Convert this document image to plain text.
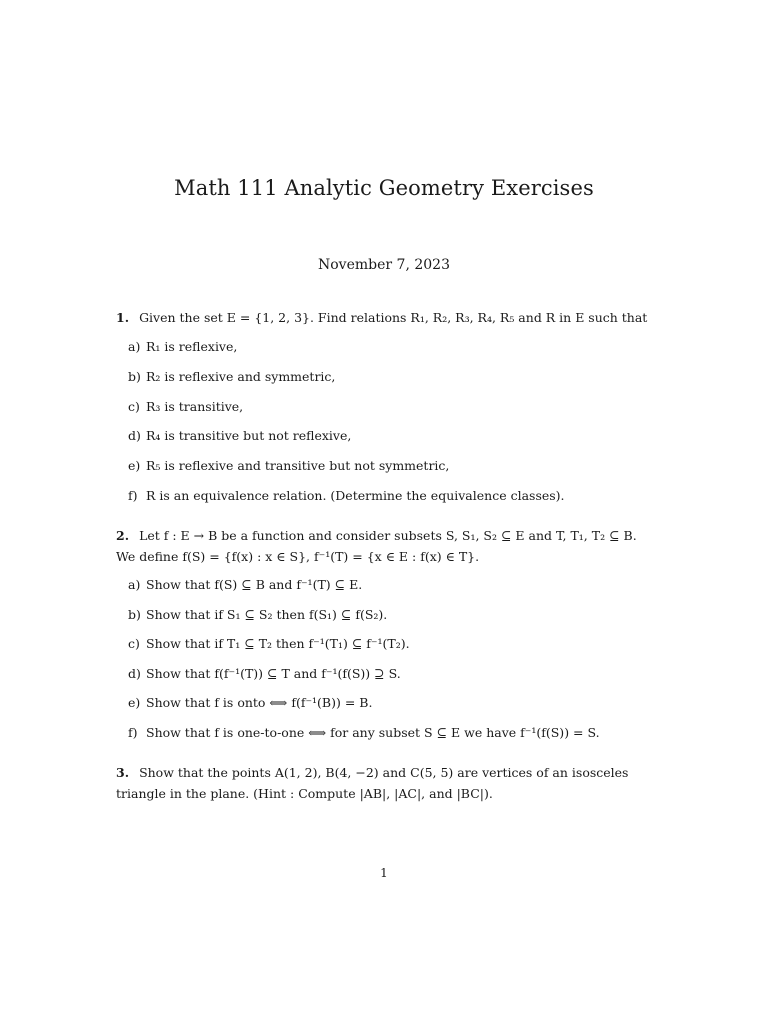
Math 111 Analytic Geometry Exercises
November 7, 2023
1. Given the set E = {1, 2, 3}. Find relations R₁, R₂, R₃, R₄, R₅ and R in E such that
a) R₁ is reflexive,
b) R₂ is reflexive and symmetric,
c) R₃ is transitive,
d) R₄ is transitive but not reflexive,
e) R₅ is reflexive and transitive but not symmetric,
f) R is an equivalence relation. (Determine the equivalence classes).
2. Let f : E → B be a function and consider subsets S, S₁, S₂ ⊆ E and T, T₁, T₂ ⊆ B. We define f(S) = {f(x) : x ∈ S}, f⁻¹(T) = {x ∈ E : f(x) ∈ T}.
a) Show that f(S) ⊆ B and f⁻¹(T) ⊆ E.
b) Show that if S₁ ⊆ S₂ then f(S₁) ⊆ f(S₂).
c) Show that if T₁ ⊆ T₂ then f⁻¹(T₁) ⊆ f⁻¹(T₂).
d) Show that f(f⁻¹(T)) ⊆ T and f⁻¹(f(S)) ⊇ S.
e) Show that f is onto ⟺ f(f⁻¹(B)) = B.
f) Show that f is one-to-one ⟺ for any subset S ⊆ E we have f⁻¹(f(S)) = S.
3. Show that the points A(1, 2), B(4, −2) and C(5, 5) are vertices of an isosceles triangle in the plane. (Hint : Compute |AB|, |AC|, and |BC|).
1
